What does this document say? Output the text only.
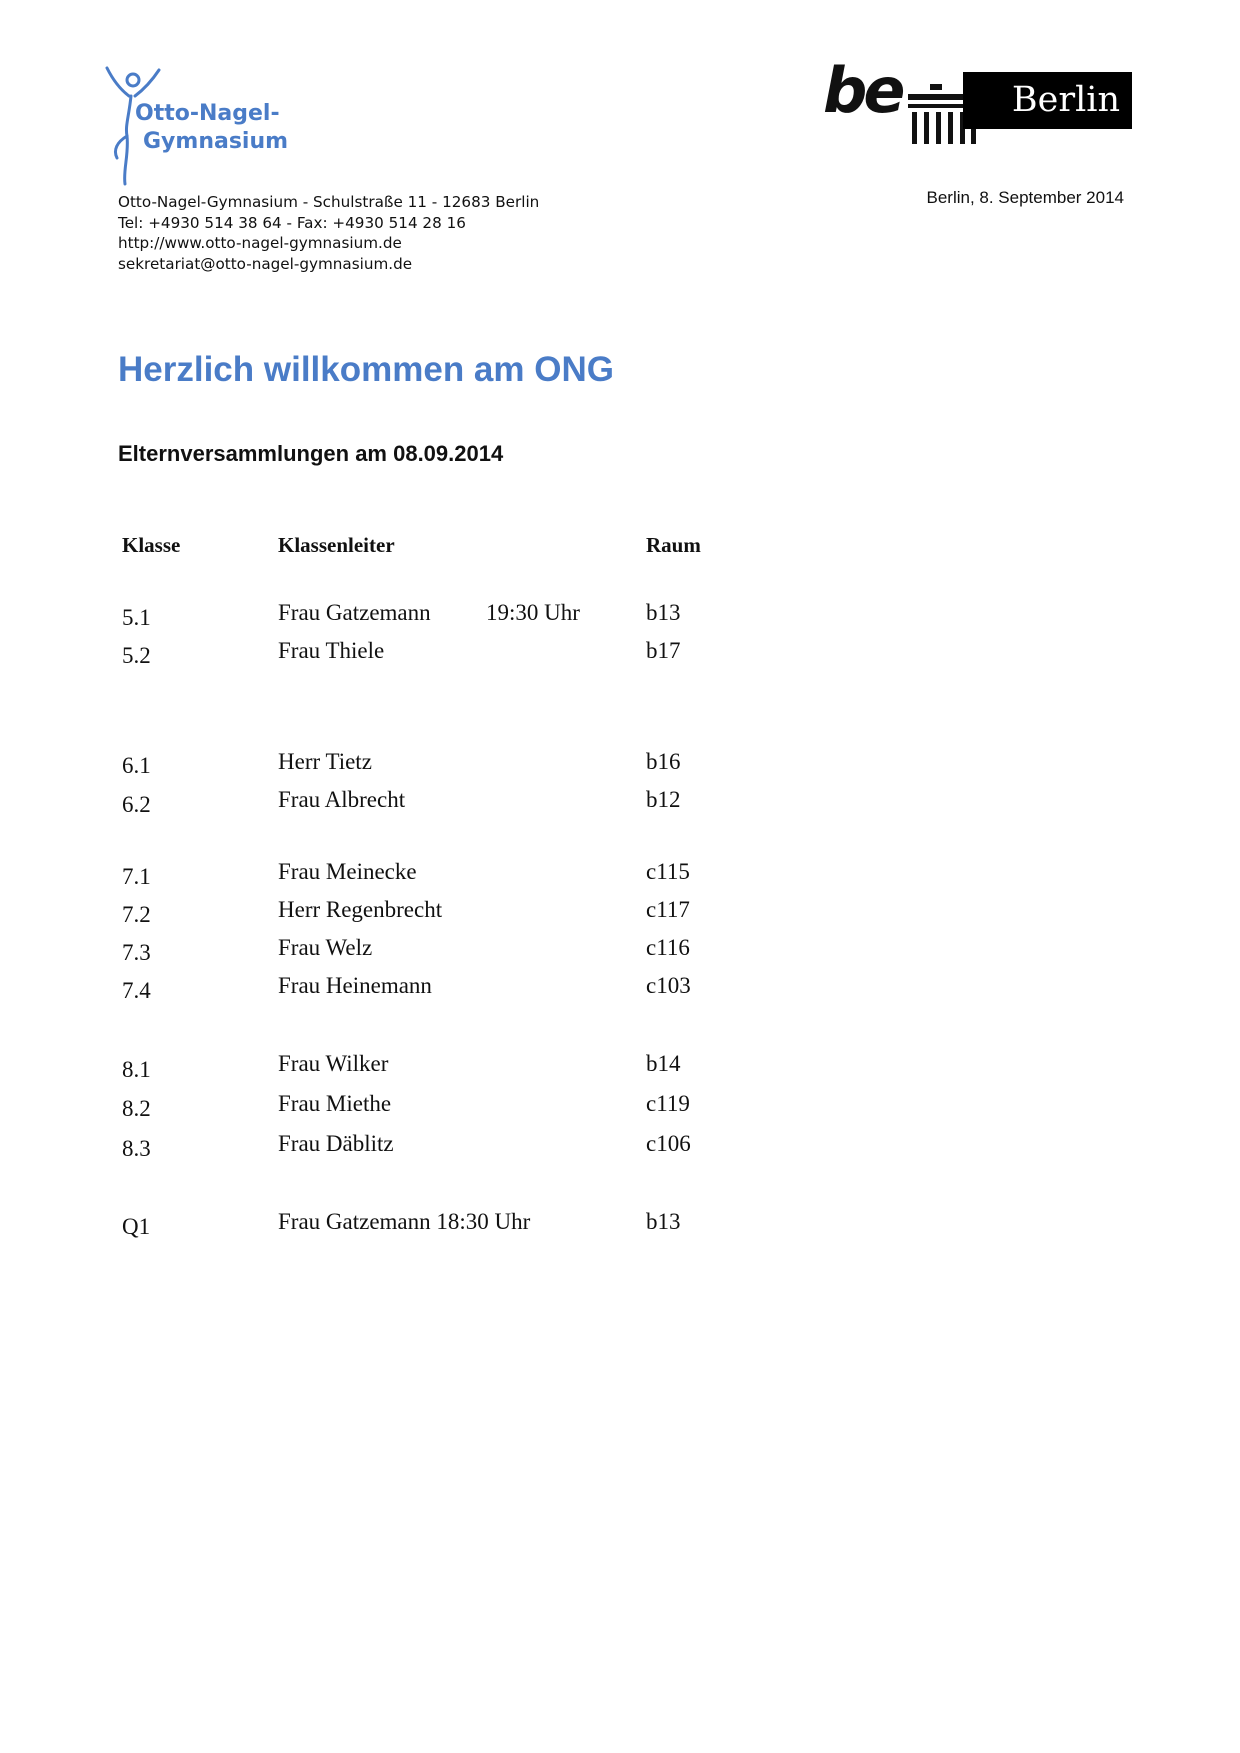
Otto-Nagel-
Gymnasium
be	Berlin
Otto-Nagel-Gymnasium - Schulstraße 11 - 12683 Berlin
Tel: +4930 514 38 64 - Fax: +4930 514 28 16
http://www.otto-nagel-gymnasium.de
sekretariat@otto-nagel-gymnasium.de
Berlin, 8. September 2014
Herzlich willkommen am ONG
Elternversammlungen am 08.09.2014
Klasse	Klassenleiter	Raum
5.1	Frau Gatzemann 19:30 Uhr	b13
5.2	Frau Thiele	b17
6.1	Herr Tietz	b16
6.2	Frau Albrecht	b12
7.1	Frau Meinecke	c115
7.2	Herr Regenbrecht	c117
7.3	Frau Welz	c116
7.4	Frau Heinemann	c103
8.1	Frau Wilker	b14
8.2	Frau Miethe	c119
8.3	Frau Däblitz	c106
Q1	Frau Gatzemann 18:30 Uhr	b13
